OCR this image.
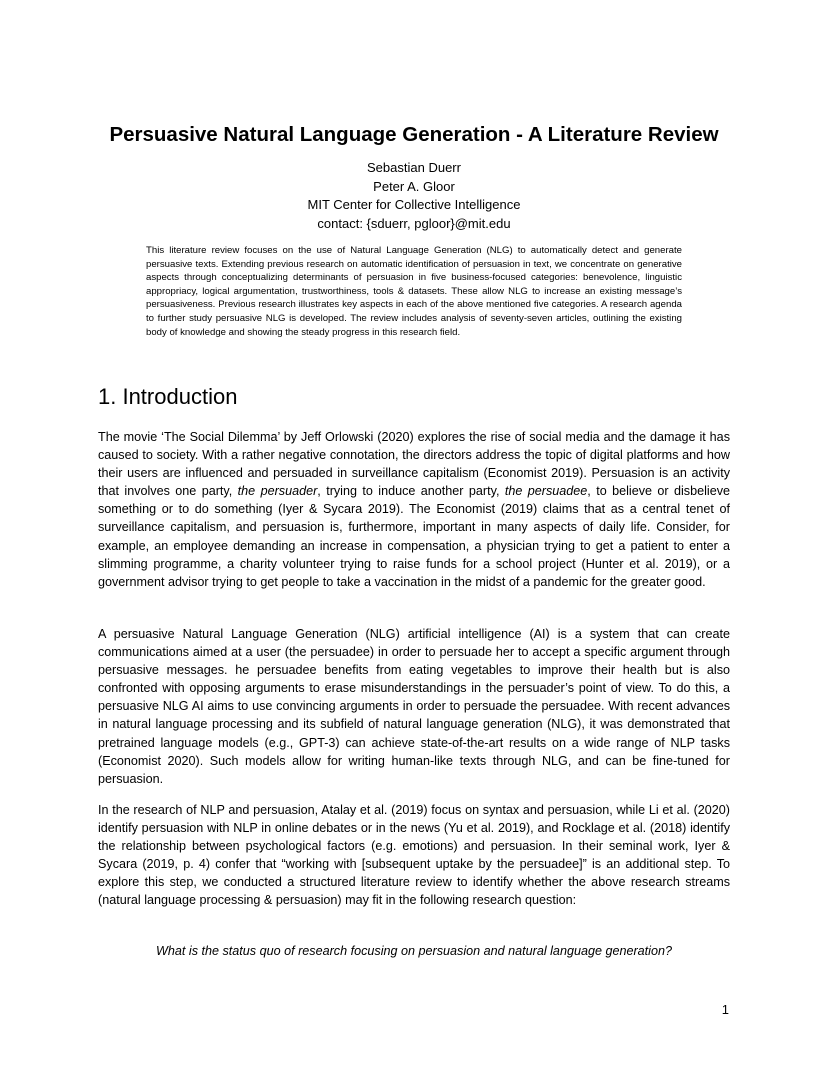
Persuasive Natural Language Generation - A Literature Review
Sebastian Duerr
Peter A. Gloor
MIT Center for Collective Intelligence
contact: {sduerr, pgloor}@mit.edu

This literature review focuses on the use of Natural Language Generation (NLG) to automatically detect and generate persuasive texts. Extending previous research on automatic identification of persuasion in text, we concentrate on generative aspects through conceptualizing determinants of persuasion in five business-focused categories: benevolence, linguistic appropriacy, logical argumentation, trustworthiness, tools & datasets. These allow NLG to increase an existing message’s persuasiveness. Previous research illustrates key aspects in each of the above mentioned five categories. A research agenda to further study persuasive NLG is developed. The review includes analysis of seventy-seven articles, outlining the existing body of knowledge and showing the steady progress in this research field.

1. Introduction

The movie ‘The Social Dilemma’ by Jeff Orlowski (2020) explores the rise of social media and the damage it has caused to society. With a rather negative connotation, the directors address the topic of digital platforms and how their users are influenced and persuaded in surveillance capitalism (Economist 2019). Persuasion is an activity that involves one party, the persuader, trying to induce another party, the persuadee, to believe or disbelieve something or to do something (Iyer & Sycara 2019). The Economist (2019) claims that as a central tenet of surveillance capitalism, and persuasion is, furthermore, important in many aspects of daily life. Consider, for example, an employee demanding an increase in compensation, a physician trying to get a patient to enter a slimming programme, a charity volunteer trying to raise funds for a school project (Hunter et al. 2019), or a government advisor trying to get people to take a vaccination in the midst of a pandemic for the greater good.

A persuasive Natural Language Generation (NLG) artificial intelligence (AI) is a system that can create communications aimed at a user (the persuadee) in order to persuade her to accept a specific argument through persuasive messages. he persuadee benefits from eating vegetables to improve their health but is also confronted with opposing arguments to erase misunderstandings in the persuader’s point of view. To do this, a persuasive NLG AI aims to use convincing arguments in order to persuade the persuadee. With recent advances in natural language processing and its subfield of natural language generation (NLG), it was demonstrated that pretrained language models (e.g., GPT-3) can achieve state-of-the-art results on a wide range of NLP tasks (Economist 2020). Such models allow for writing human-like texts through NLG, and can be fine-tuned for persuasion.

In the research of NLP and persuasion, Atalay et al. (2019) focus on syntax and persuasion, while Li et al. (2020) identify persuasion with NLP in online debates or in the news (Yu et al. 2019), and Rocklage et al. (2018) identify the relationship between psychological factors (e.g. emotions) and persuasion. In their seminal work, Iyer & Sycara (2019, p. 4) confer that “working with [subsequent uptake by the persuadee]” is an additional step. To explore this step, we conducted a structured literature review to identify whether the above research streams (natural language processing & persuasion) may fit in the following research question:

What is the status quo of research focusing on persuasion and natural language generation?

1
